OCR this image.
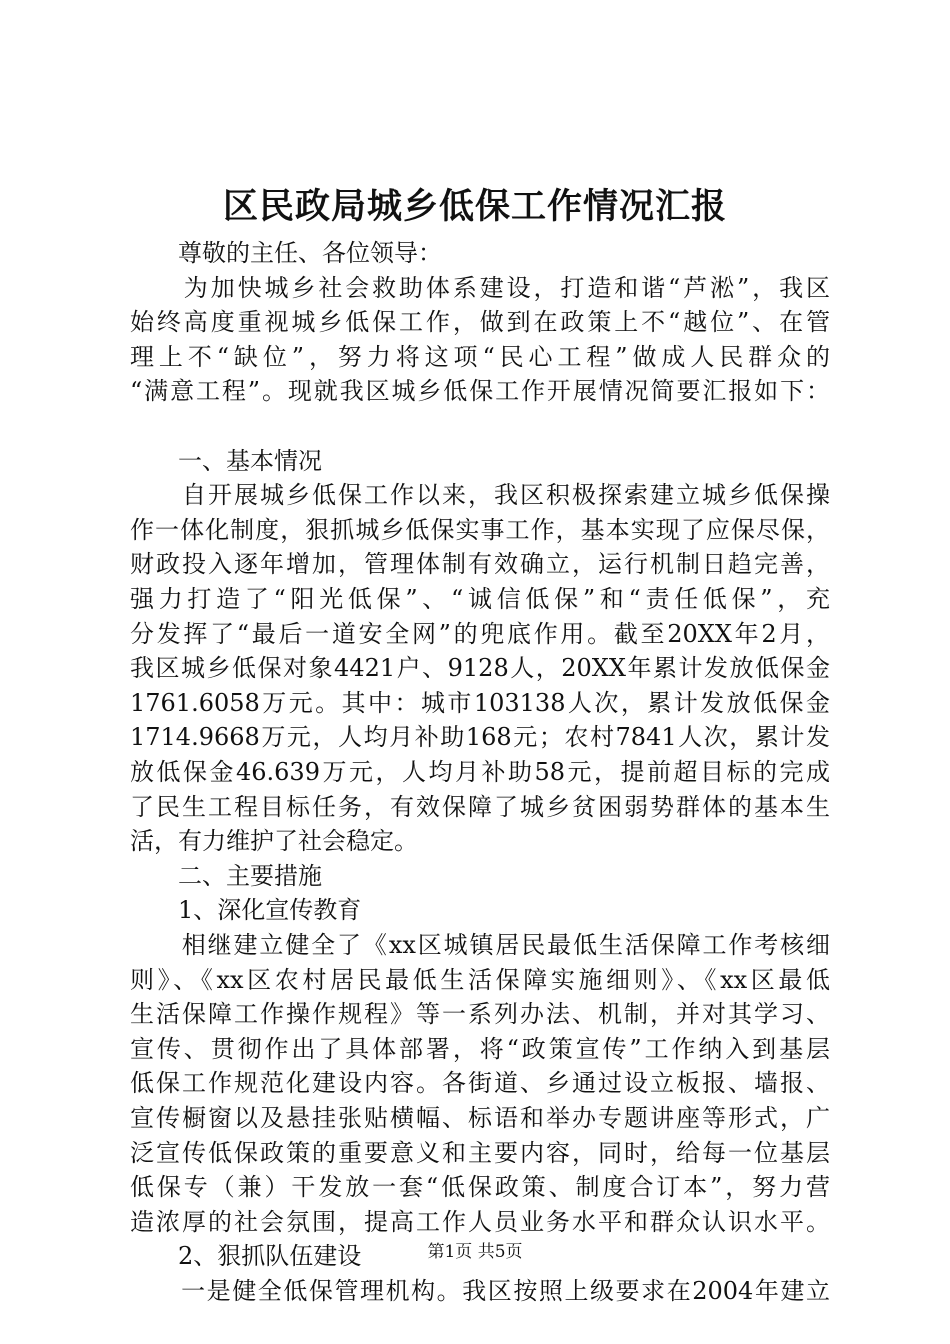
区民政局城乡低保工作情况汇报
　　尊敬的主任、各位领导：
　　为加快城乡社会救助体系建设，打造和谐“芦淞”，我区
始终高度重视城乡低保工作，做到在政策上不“越位”、在管
理上不“缺位”，努力将这项“民心工程”做成人民群众的
“满意工程”。现就我区城乡低保工作开展情况简要汇报如下：
　　一、基本情况
　　自开展城乡低保工作以来，我区积极探索建立城乡低保操
作一体化制度，狠抓城乡低保实事工作，基本实现了应保尽保，
财政投入逐年增加，管理体制有效确立，运行机制日趋完善，
强力打造了“阳光低保”、“诚信低保”和“责任低保”，充
分发挥了“最后一道安全网”的兜底作用。截至20XX年2月，
我区城乡低保对象4421户、9128人，20XX年累计发放低保金
1761.6058万元。其中：城市103138人次，累计发放低保金
1714.9668万元，人均月补助168元；农村7841人次，累计发
放低保金46.639万元，人均月补助58元，提前超目标的完成
了民生工程目标任务，有效保障了城乡贫困弱势群体的基本生
活，有力维护了社会稳定。
　　二、主要措施
　　1、深化宣传教育
　　相继建立健全了《xx区城镇居民最低生活保障工作考核细
则》、《xx区农村居民最低生活保障实施细则》、《xx区最低
生活保障工作操作规程》等一系列办法、机制，并对其学习、
宣传、贯彻作出了具体部署，将“政策宣传”工作纳入到基层
低保工作规范化建设内容。各街道、乡通过设立板报、墙报、
宣传橱窗以及悬挂张贴横幅、标语和举办专题讲座等形式，广
泛宣传低保政策的重要意义和主要内容，同时，给每一位基层
低保专（兼）干发放一套“低保政策、制度合订本”，努力营
造浓厚的社会氛围，提高工作人员业务水平和群众认识水平。
　　2、狠抓队伍建设
　　一是健全低保管理机构。我区按照上级要求在2004年建立
第1页 共5页
